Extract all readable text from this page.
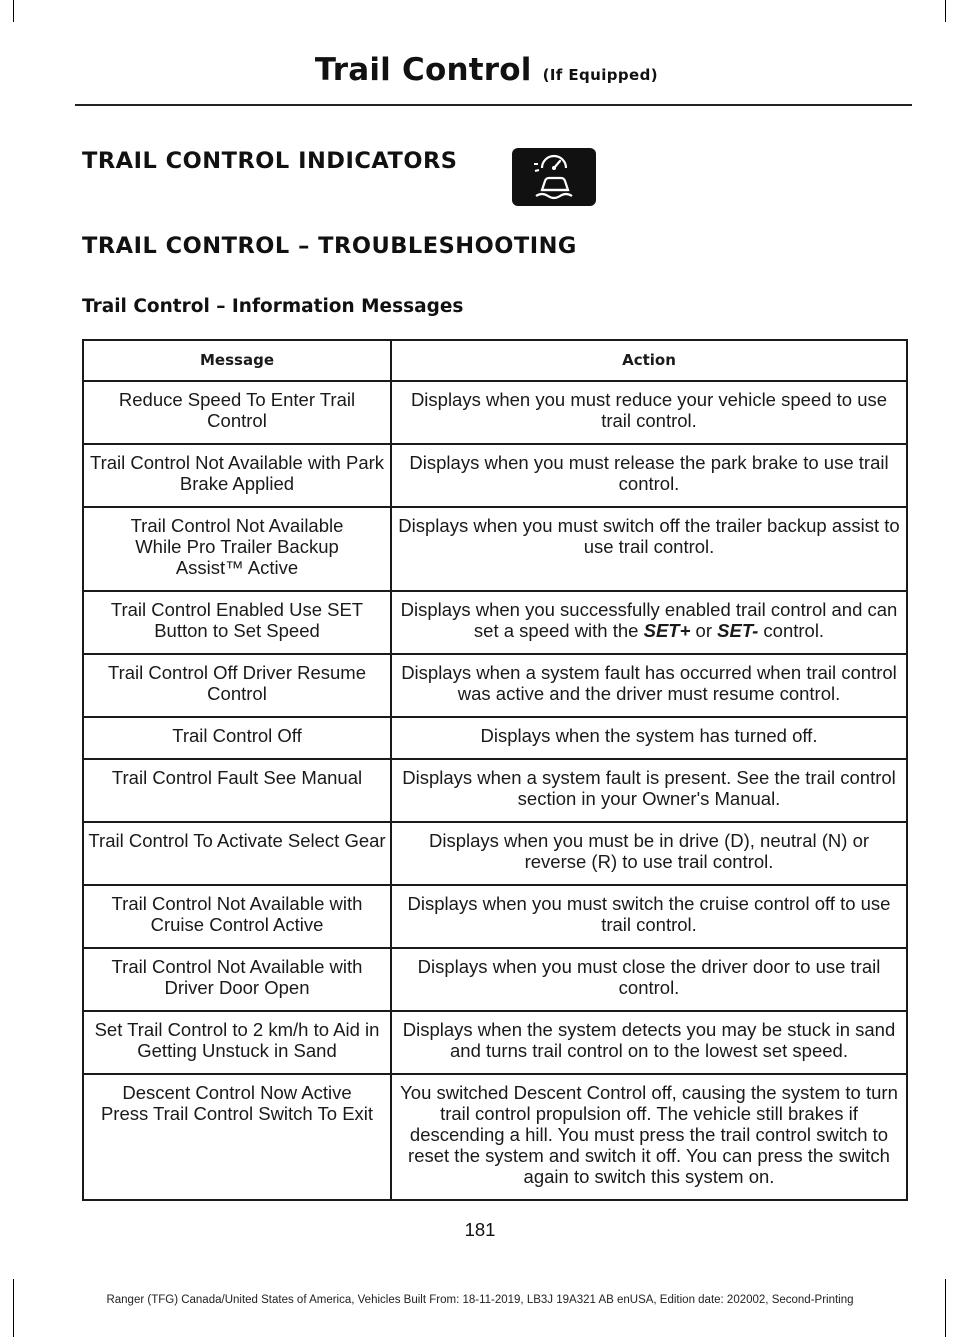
Trail Control (If Equipped)
TRAIL CONTROL INDICATORS
TRAIL CONTROL – TROUBLESHOOTING
Trail Control – Information Messages
Message	Action
Reduce Speed To Enter Trail Control	Displays when you must reduce your vehicle speed to use trail control.
Trail Control Not Available with Park Brake Applied	Displays when you must release the park brake to use trail control.
Trail Control Not Available While Pro Trailer Backup Assist™ Active	Displays when you must switch off the trailer backup assist to use trail control.
Trail Control Enabled Use SET Button to Set Speed	Displays when you successfully enabled trail control and can set a speed with the SET+ or SET- control.
Trail Control Off Driver Resume Control	Displays when a system fault has occurred when trail control was active and the driver must resume control.
Trail Control Off	Displays when the system has turned off.
Trail Control Fault See Manual	Displays when a system fault is present. See the trail control section in your Owner's Manual.
Trail Control To Activate Select Gear	Displays when you must be in drive (D), neutral (N) or reverse (R) to use trail control.
Trail Control Not Available with Cruise Control Active	Displays when you must switch the cruise control off to use trail control.
Trail Control Not Available with Driver Door Open	Displays when you must close the driver door to use trail control.
Set Trail Control to 2 km/h to Aid in Getting Unstuck in Sand	Displays when the system detects you may be stuck in sand and turns trail control on to the lowest set speed.
Descent Control Now Active Press Trail Control Switch To Exit	You switched Descent Control off, causing the system to turn trail control propulsion off. The vehicle still brakes if descending a hill. You must press the trail control switch to reset the system and switch it off. You can press the switch again to switch this system on.
181
Ranger (TFG) Canada/United States of America, Vehicles Built From: 18-11-2019, LB3J 19A321 AB enUSA, Edition date: 202002, Second-Printing
